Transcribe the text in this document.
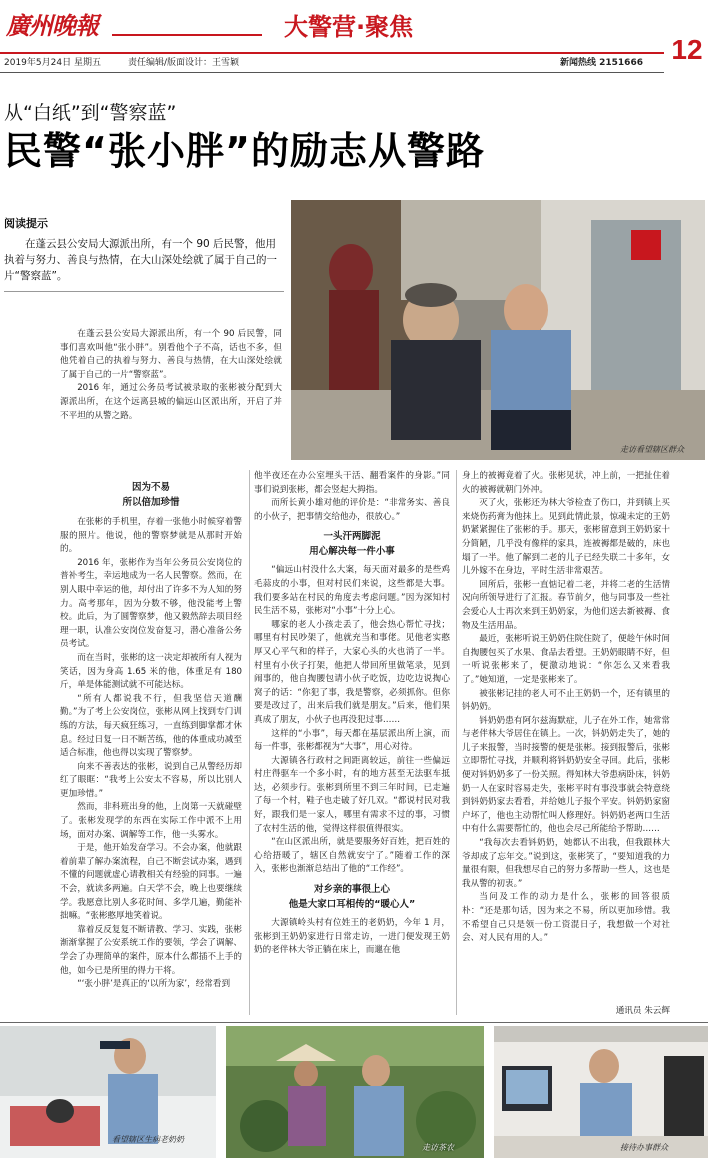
廣州晚報	大警营·聚焦
12
2019年5月24日 星期五	责任编辑/版面设计：王雪颖	新闻热线 2151666
从“白纸”到“警察蓝”
民警“张小胖”的励志从警路
阅读提示
在蓬云县公安局大源派出所，有一个 90 后民警，他用执着与努力、善良与热情，在大山深处绘就了属于自己的一片“警察蓝”。
走访看望辖区群众

在蓬云县公安局大源派出所，有一个 90 后民警，同事们喜欢叫他“张小胖”。别看他个子不高，话也不多，但他凭着自己的执着与努力、善良与热情，在大山深处绘就了属于自己的一片“警察蓝”。

2016 年，通过公务员考试被录取的张彬被分配到大源派出所，在这个远离县城的偏远山区派出所，开启了并不平坦的从警之路。

因为不易
所以倍加珍惜

在张彬的手机里，存着一张他小时候穿着警服的照片。他说，他的警察梦就是从那时开始的。

2016 年，张彬作为当年公务员公安岗位的普补考生，幸运地成为一名人民警察。然而，在别人眼中幸运的他，却付出了许多不为人知的努力。高考那年，因为分数不够，他没能考上警校。此后，为了圆警察梦，他又毅然辞去项目经理一职，认准公安岗位发奋复习，潜心准备公务员考试。

而在当时，张彬的这一决定却被所有人视为笑话，因为身高 1.65 米的他，体重足有 180 斤，单是体能测试就不可能达标。

“所有人都说我不行，但我坚信天道酬勤。”为了考上公安岗位，张彬从网上找到专门训练的方法，每天疯狂练习，一直练到脚掌都才休息。经过日复一日不断苦练，他的体重成功减至适合标准，他也得以实现了警察梦。

向来不善表达的张彬，说到自己从警经历却红了眼眶：“我考上公安太不容易，所以比别人更加珍惜。”

然而，非科班出身的他，上岗第一天就碰壁了。张彬发现学的东西在实际工作中派不上用场，面对办案、调解等工作，他一头雾水。

于是，他开始发奋学习。不会办案，他就跟着前辈了解办案流程，自己不断尝试办案，遇到不懂的问题就虚心请教相关有经验的同事。一遍不会，就读多两遍。白天学不会，晚上也要继续学。我愿意比别人多花时间、多学几遍，勤能补拙嘛。“张彬憨厚地笑着说。

靠着反反复复不断请教、学习、实践，张彬渐渐掌握了公安系统工作的要领，学会了调解、学会了办理简单的案件，原本什么都插不上手的他，如今已是所里的得力干将。

“‘张小胖’是真正的‘以所为家’，经常看到

他半夜还在办公室埋头干活、翻看案件的身影。”同事们说到张彬，都会竖起大拇指。

而所长黄小雄对他的评价是：“非常务实、善良的小伙子，把事情交给他办，很放心。”

一头汗两脚泥
用心解决每一件小事

“偏远山村没什么大案，每天面对最多的是些鸡毛蒜皮的小事，但对村民们来说，这些都是大事。我们要多站在村民的角度去考虑问题。”因为深知村民生活不易，张彬对“小事”十分上心。

哪家的老人小孩走丢了，他会热心帮忙寻找；哪里有村民吵架了，他就充当和事佬。见他老实憨厚又心平气和的样子，大家心头的火也消了一半。村里有小伙子打架，他把人带回所里做笔录，见到闹事的，他自掏腰包请小伙子吃饭，边吃边说掏心窝子的话：“你犯了事，我是警察，必须抓你。但你要是改过了，出来后我们就是朋友。”后来，他们果真成了朋友，小伙子也再没犯过事……

这样的“小事”，每天都在基层派出所上演，而每一件事，张彬都视为“大事”，用心对待。

大源镇各行政村之间距离较远，前往一些偏远村庄得驱车一个多小时，有的地方甚至无法驱车抵达，必须步行。张彬到所里不到三年时间，已走遍了每一个村，鞋子也走破了好几双。“都说村民对我好，跟我们是一家人，哪里有需求不过的事，习惯了农村生活的他，觉得这样很值得很实。

“在山区派出所，就是要服务好百姓，把百姓的心给捂暖了，辖区自然就安宁了。”随着工作的深入，张彬也渐渐总结出了他的“工作经”。

对乡亲的事很上心
他是大家口耳相传的“暖心人”

大源镇岭头村有位姓王的老奶奶，今年 1 月，张彬到王奶奶家进行日常走访，一进门便发现王奶奶的老伴林大爷正躺在床上，而邋在他

身上的被褥竟着了火。张彬见状，冲上前，一把扯住着火的被褥就朝门外冲。

灭了火，张彬还为林大爷检查了伤口，并到镇上买来烧伤药膏为他抹上。见到此情此景，惊魂未定的王奶奶紧紧握住了张彬的手。那天，张彬留意到王奶奶家十分简陋，几乎没有像样的家具，连被褥都是破的，床也塌了一半。他了解到二老的儿子已经失联二十多年，女儿外嫁不在身边，平时生活非常艰苦。

回所后，张彬一直惦记着二老，并将二老的生活情况向所领导进行了汇报。春节前夕，他与同事及一些社会爱心人士再次来到王奶奶家，为他们送去新被褥、食物及生活用品。

最近，张彬听说王奶奶住院住院了，便趁午休时间自掏腰包买了水果、食品去看望。王奶奶眼睛不好，但一听说张彬来了，便激动地说：“你怎么又来看我了。”她知道，一定是张彬来了。

被张彬记挂的老人可不止王奶奶一个，还有镇里的钭奶奶。

钭奶奶患有阿尔兹海默症，儿子在外工作，她常常与老伴林大爷居住在镇上。一次，钭奶奶走失了，她的儿子来报警，当时接警的便是张彬。接到报警后，张彬立即帮忙寻找，并顺利将钭奶奶安全寻回。此后，张彬便对钭奶奶多了一份关照。得知林大爷患病卧床，钭奶奶一人在家时容易走失，张彬平时有事没事就会特意绕到钭奶奶家去看看，并给她儿子报个平安。钭奶奶家窗户坏了，他也主动帮忙叫人修理好。钭奶奶老两口生活中有什么需要帮忙的，他也会尽己所能给予帮助……

“我每次去看钭奶奶，她都认不出我，但我跟林大爷却成了忘年交。”说到这，张彬笑了，“要知道我的力量很有限，但我想尽自己的努力多帮助一些人，这也是我从警的初衷。”

当问及工作的动力是什么，张彬的回答很质朴：“还是那句话，因为来之不易，所以更加珍惜。我不希望自己只是领一份工资混日子，我想做一个对社会、对人民有用的人。”

通讯员 朱云辉
看望辖区生病老奶奶
走访茶农	接待办事群众
